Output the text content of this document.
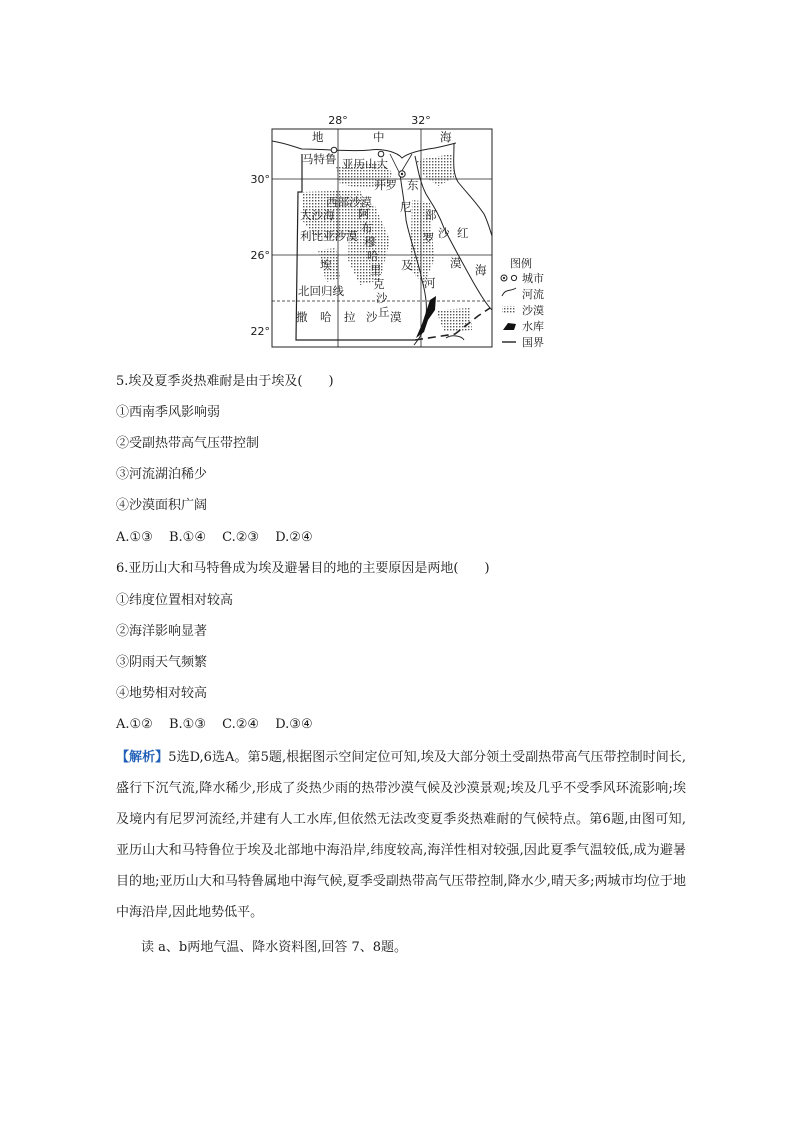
28°	32°
30°
26°
22°
地	中	海
马特鲁 亚历山大
开罗 东
尼
部
罗 沙
漠
西部沙漠
大沙海
利比亚沙漠
阿
布
穆
哈
里
克
沙
丘
埃	及
河
北回归线
撒 哈 拉 沙 漠
红
海 图例
城市
河流
沙漠
水库
国界
5.埃及夏季炎热难耐是由于埃及(　　)
①西南季风影响弱
②受副热带高气压带控制
③河流湖泊稀少
④沙漠面积广阔
A.①③ B.①④ C.②③ D.②④
6.亚历山大和马特鲁成为埃及避暑目的地的主要原因是两地(　　)
①纬度位置相对较高
②海洋影响显著
③阴雨天气频繁
④地势相对较高
A.①② B.①③ C.②④ D.③④
【解析】5选D,6选A。第5题,根据图示空间定位可知,埃及大部分领土受副热带高气压带控制时间长,盛行下沉气流,降水稀少,形成了炎热少雨的热带沙漠气候及沙漠景观;埃及几乎不受季风环流影响;埃及境内有尼罗河流经,并建有人工水库,但依然无法改变夏季炎热难耐的气候特点。第6题,由图可知,亚历山大和马特鲁位于埃及北部地中海沿岸,纬度较高,海洋性相对较强,因此夏季气温较低,成为避暑目的地;亚历山大和马特鲁属地中海气候,夏季受副热带高气压带控制,降水少,晴天多;两城市均位于地中海沿岸,因此地势低平。
读 a、b两地气温、降水资料图,回答 7、8题。
